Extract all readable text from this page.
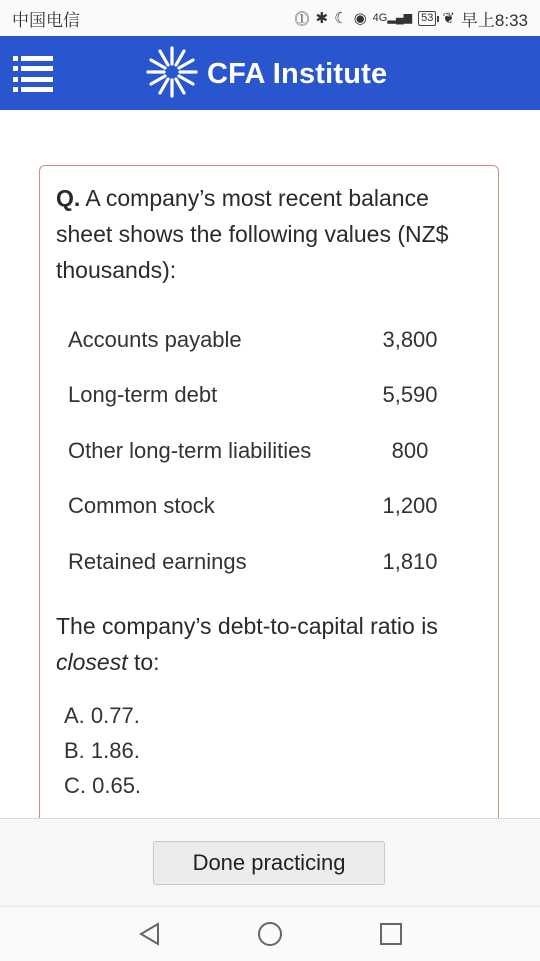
中国电信	⓵ ✱ ☾ ◉ 4G▂▄▆ 53 ❦ 早上8:33
CFA Institute
Q. A company’s most recent balance sheet shows the following values (NZ$ thousands):
Accounts payable	3,800
Long-term debt	5,590
Other long-term liabilities	800
Common stock	1,200
Retained earnings	1,810
The company’s debt-to-capital ratio is closest to:
A. 0.77.
B. 1.86.
C. 0.65.
Done practicing
